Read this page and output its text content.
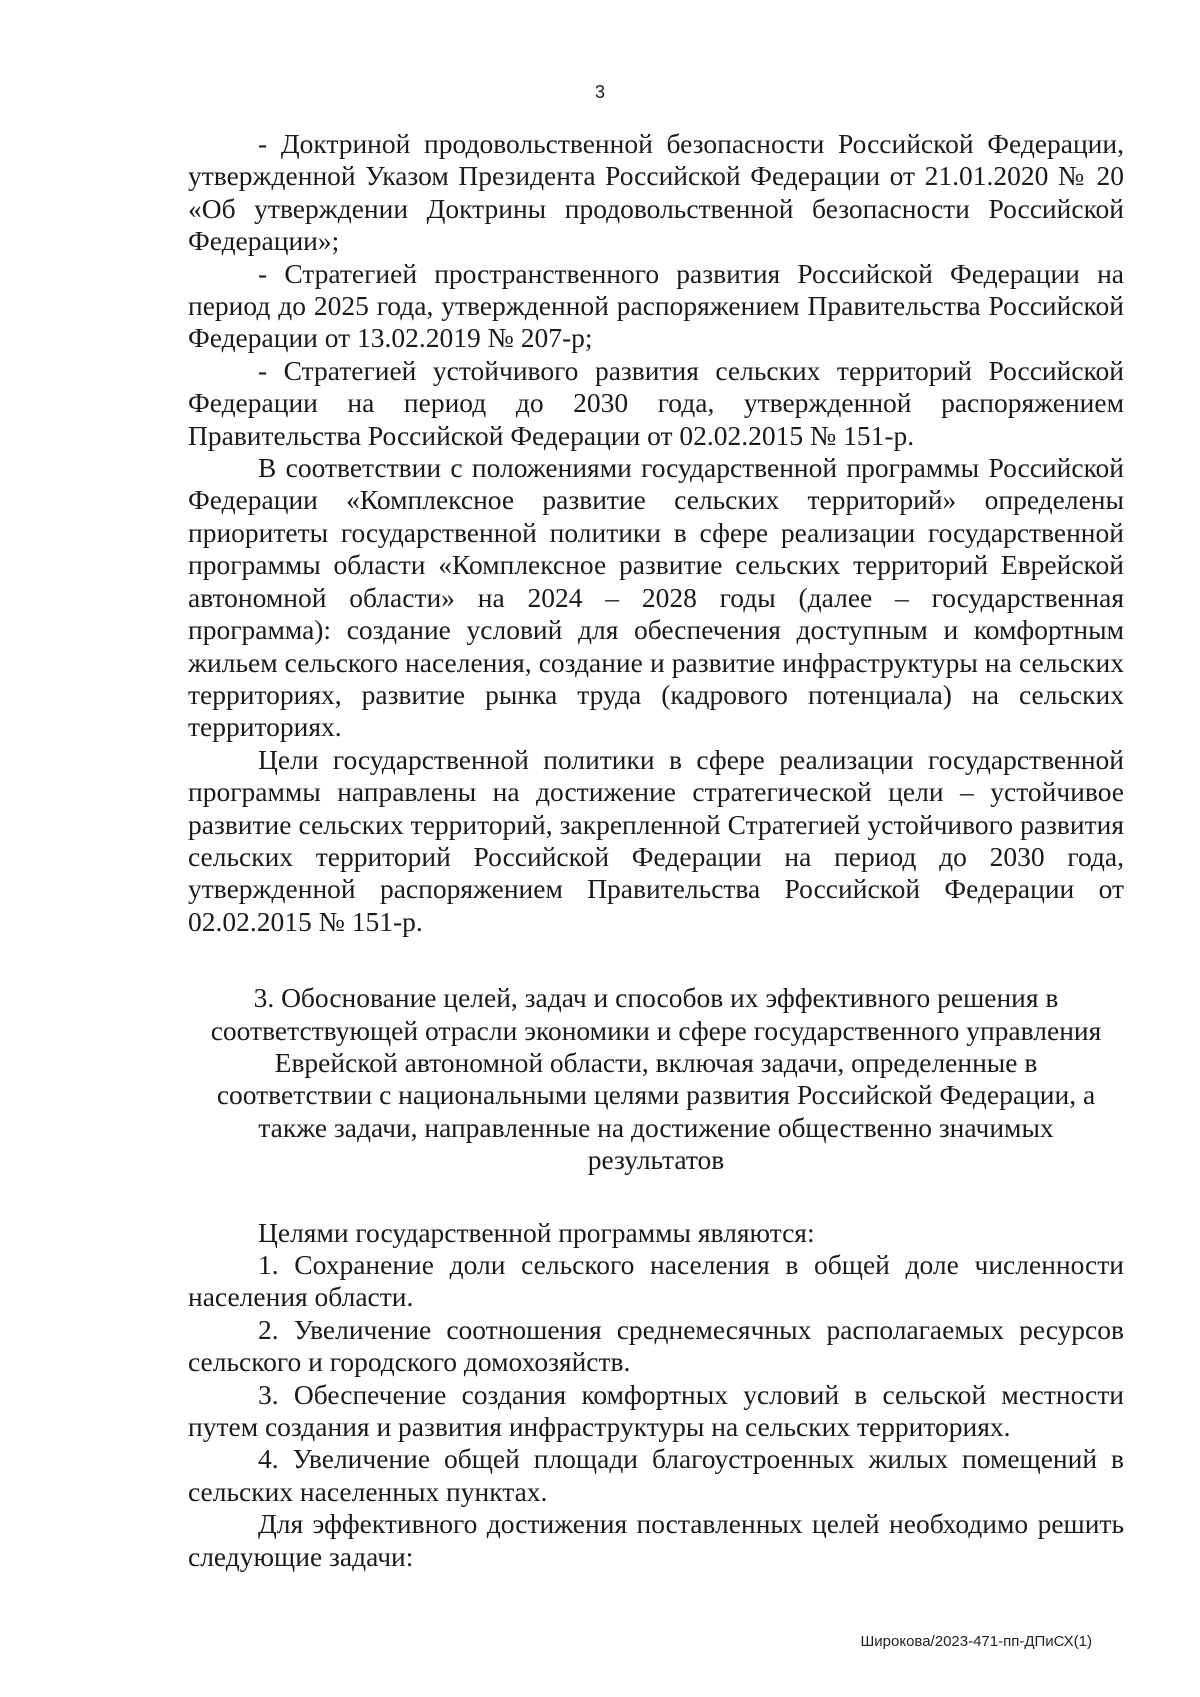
3

- Доктриной продовольственной безопасности Российской Федерации, утвержденной Указом Президента Российской Федерации от 21.01.2020 № 20 «Об утверждении Доктрины продовольственной безопасности Российской Федерации»;

- Стратегией пространственного развития Российской Федерации на период до 2025 года, утвержденной распоряжением Правительства Российской Федерации от 13.02.2019 № 207-р;

- Стратегией устойчивого развития сельских территорий Российской Федерации на период до 2030 года, утвержденной распоряжением Правительства Российской Федерации от 02.02.2015 № 151-р.

В соответствии с положениями государственной программы Российской Федерации «Комплексное развитие сельских территорий» определены приоритеты государственной политики в сфере реализации государственной программы области «Комплексное развитие сельских территорий Еврейской автономной области» на 2024 – 2028 годы (далее – государственная программа): создание условий для обеспечения доступным и комфортным жильем сельского населения, создание и развитие инфраструктуры на сельских территориях, развитие рынка труда (кадрового потенциала) на сельских территориях.

Цели государственной политики в сфере реализации государственной программы направлены на достижение стратегической цели – устойчивое развитие сельских территорий, закрепленной Стратегией устойчивого развития сельских территорий Российской Федерации на период до 2030 года, утвержденной распоряжением Правительства Российской Федерации от 02.02.2015 № 151-р.

3. Обоснование целей, задач и способов их эффективного решения в
соответствующей отрасли экономики и сфере государственного управления
Еврейской автономной области, включая задачи, определенные в
соответствии с национальными целями развития Российской Федерации, а
также задачи, направленные на достижение общественно значимых
результатов

Целями государственной программы являются:

1. Сохранение доли сельского населения в общей доле численности населения области.

2. Увеличение соотношения среднемесячных располагаемых ресурсов сельского и городского домохозяйств.

3. Обеспечение создания комфортных условий в сельской местности путем создания и развития инфраструктуры на сельских территориях.

4. Увеличение общей площади благоустроенных жилых помещений в сельских населенных пунктах.

Для эффективного достижения поставленных целей необходимо решить следующие задачи:

Широкова/2023-471-пп-ДПиСХ(1)
